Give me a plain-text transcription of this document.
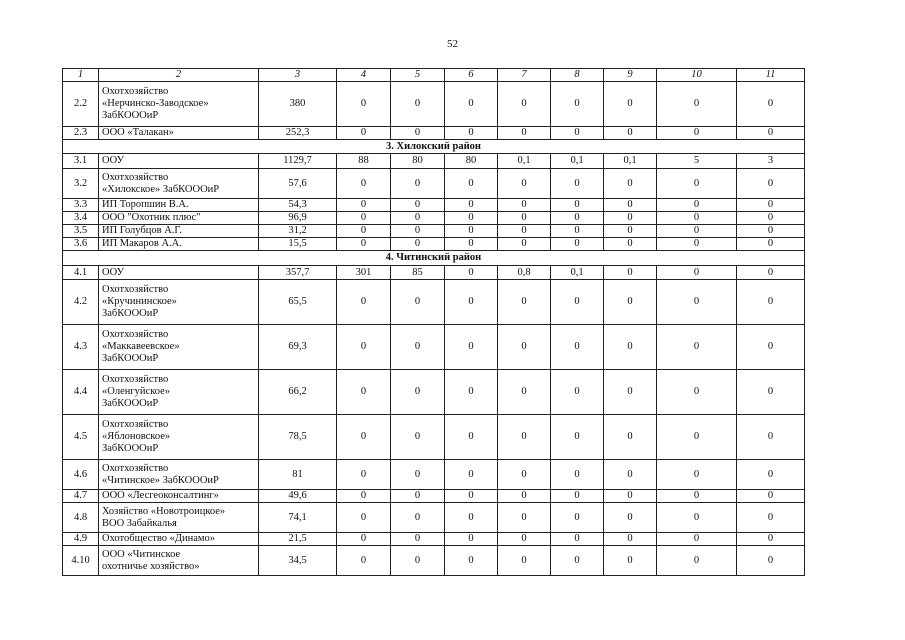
52
1	2	3	4	5	6	7	8	9	10	11
2.2	Охотхозяйство
«Нерчинско-Заводское»
ЗабКОООиР	380	0	0	0	0	0	0	0	0
2.3	ООО «Талакан»	252,3	0	0	0	0	0	0	0	0
3. Хилокский район										
3.1	ООУ	1129,7	88	80	80	0,1	0,1	0,1	5	3
3.2	Охотхозяйство
«Хилокское» ЗабКОООиР	57,6	0	0	0	0	0	0	0	0
3.3	ИП Торопшин В.А.	54,3	0	0	0	0	0	0	0	0
3.4	ООО "Охотник плюс"	96,9	0	0	0	0	0	0	0	0
3.5	ИП Голубцов А.Г.	31,2	0	0	0	0	0	0	0	0
3.6	ИП Макаров А.А.	15,5	0	0	0	0	0	0	0	0
4. Читинский район										
4.1	ООУ	357,7	301	85	0	0,8	0,1	0	0	0
4.2	Охотхозяйство
«Кручининское»
ЗабКОООиР	65,5	0	0	0	0	0	0	0	0
4.3	Охотхозяйство
«Маккавеевское»
ЗабКОООиР	69,3	0	0	0	0	0	0	0	0
4.4	Охотхозяйство
«Оленгуйское»
ЗабКОООиР	66,2	0	0	0	0	0	0	0	0
4.5	Охотхозяйство
«Яблоновское»
ЗабКОООиР	78,5	0	0	0	0	0	0	0	0
4.6	Охотхозяйство
«Читинское» ЗабКОООиР	81	0	0	0	0	0	0	0	0
4.7	ООО «Лесгеоконсалтинг»	49,6	0	0	0	0	0	0	0	0
4.8	Хозяйство «Новотроицкое»
ВОО Забайкалья	74,1	0	0	0	0	0	0	0	0
4.9	Охотобщество «Динамо»	21,5	0	0	0	0	0	0	0	0
4.10	ООО «Читинское
охотничье хозяйство»	34,5	0	0	0	0	0	0	0	0
